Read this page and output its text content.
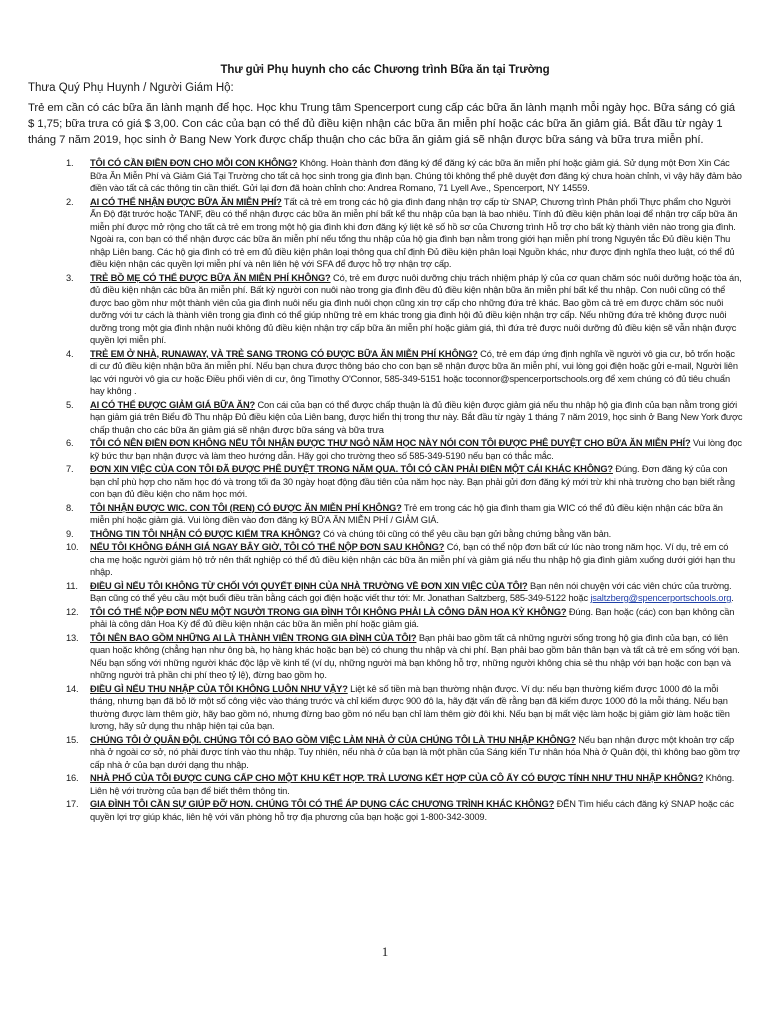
Thư gửi Phụ huynh cho các Chương trình Bữa ăn tại Trường
Thưa Quý Phụ Huynh / Người Giám Hộ:
Trẻ em cần có các bữa ăn lành mạnh để học. Học khu Trung tâm Spencerport cung cấp các bữa ăn lành mạnh mỗi ngày học. Bữa sáng có giá $ 1,75; bữa trưa có giá $ 3,00. Con các của bạn có thể đủ điều kiện nhận các bữa ăn miễn phí hoặc các bữa ăn giảm giá. Bắt đầu từ ngày 1 tháng 7 năm 2019, học sinh ở Bang New York được chấp thuận cho các bữa ăn giảm giá sẽ nhận được bữa sáng và bữa trưa miễn phí.
1. TÔI CÓ CẦN ĐIỀN ĐƠN CHO MỖI CON KHÔNG? Không. Hoàn thành đơn đăng ký để đăng ký các bữa ăn miễn phí hoặc giảm giá. Sử dụng một Đơn Xin Các Bữa Ăn Miễn Phí và Giảm Giá Tại Trường cho tất cả học sinh trong gia đình bạn. Chúng tôi không thể phê duyệt đơn đăng ký chưa hoàn chỉnh, vì vậy hãy đảm bảo điền vào tất cả các thông tin cần thiết. Gửi lại đơn đã hoàn chỉnh cho: Andrea Romano, 71 Lyell Ave., Spencerport, NY 14559.
2. AI CÓ THỂ NHẬN ĐƯỢC BỮA ĂN MIỄN PHÍ? Tất cả trẻ em trong các hộ gia đình đang nhận trợ cấp từ SNAP, Chương trình Phân phối Thực phẩm cho Người Ấn Độ đặt trước hoặc TANF, đều có thể nhận được các bữa ăn miễn phí bất kể thu nhập của bạn là bao nhiêu. Tính đủ điều kiện phân loại để nhận trợ cấp bữa ăn miễn phí được mở rộng cho tất cả trẻ em trong một hộ gia đình khi đơn đăng ký liệt kê số hồ sơ của Chương trình Hỗ trợ cho bất kỳ thành viên nào trong gia đình. Ngoài ra, con bạn có thể nhận được các bữa ăn miễn phí nếu tổng thu nhập của hộ gia đình bạn nằm trong giới hạn miễn phí trong Nguyên tắc Đủ điều kiện Thu nhập Liên bang. Các hộ gia đình có trẻ em đủ điều kiện phân loại thông qua chỉ định Đủ điều kiện phân loại Nguồn khác, như được định nghĩa theo luật, có thể đủ điều kiện nhận các quyền lợi miễn phí và nên liên hệ với SFA để được hỗ trợ nhận trợ cấp.
3. TRẺ BỒ MẸ CÓ THỂ ĐƯỢC BỮA ĂN MIỄN PHÍ KHÔNG? Có, trẻ em được nuôi dưỡng chịu trách nhiệm pháp lý của cơ quan chăm sóc nuôi dưỡng hoặc tòa án, đủ điều kiện nhận các bữa ăn miễn phí. Bất kỳ người con nuôi nào trong gia đình đều đủ điều kiện nhận bữa ăn miễn phí bất kể thu nhập. Con nuôi cũng có thể được bao gồm như một thành viên của gia đình nuôi nếu gia đình nuôi chọn cũng xin trợ cấp cho những đứa trẻ khác. Bao gồm cả trẻ em được chăm sóc nuôi dưỡng với tư cách là thành viên trong gia đình có thể giúp những trẻ em khác trong gia đình hội đủ điều kiện nhận trợ cấp. Nếu những đứa trẻ không được nuôi dưỡng trong một gia đình nhận nuôi không đủ điều kiện nhận trợ cấp bữa ăn miễn phí hoặc giảm giá, thì đứa trẻ được nuôi dưỡng đủ điều kiện sẽ vẫn nhận được quyền lợi miễn phí.
4. TRẺ EM Ở NHÀ, RUNAWAY, VÀ TRẺ SANG TRONG CÓ ĐƯỢC BỮA ĂN MIỄN PHÍ KHÔNG? Có, trẻ em đáp ứng định nghĩa về người vô gia cư, bỏ trốn hoặc di cư đủ điều kiện nhận bữa ăn miễn phí. Nếu bạn chưa được thông báo cho con bạn sẽ nhận được bữa ăn miễn phí, vui lòng gọi điện hoặc gửi e-mail, Người liên lạc với người vô gia cư hoặc Điều phối viên di cư, ông Timothy O'Connor, 585-349-5151 hoặc toconnor@spencerportschools.org để xem chúng có đủ tiêu chuẩn hay không .
5. AI CÓ THỂ ĐƯỢC GIẢM GIÁ BỮA ĂN? Con cái của bạn có thể được chấp thuận là đủ điều kiện được giảm giá nếu thu nhập hộ gia đình của bạn nằm trong giới hạn giảm giá trên Biểu đồ Thu nhập Đủ điều kiện của Liên bang, được hiển thị trong thư này. Bắt đầu từ ngày 1 tháng 7 năm 2019, học sinh ở Bang New York được chấp thuận cho các bữa ăn giảm giá sẽ nhận được bữa sáng và bữa trưa
6. TÔI CÓ NÊN ĐIỀN ĐƠN KHÔNG NẾU TÔI NHẬN ĐƯỢC THƯ NGỎ NĂM HỌC NÀY NÓI CON TÔI ĐƯỢC PHÊ DUYỆT CHO BỮA ĂN MIỄN PHÍ? Vui lòng đọc kỹ bức thư bạn nhận được và làm theo hướng dẫn. Hãy gọi cho trường theo số 585-349-5190 nếu bạn có thắc mắc.
7. ĐƠN XIN VIỆC CỦA CON TÔI ĐÃ ĐƯỢC PHÊ DUYỆT TRONG NĂM QUA. TÔI CÓ CẦN PHẢI ĐIỀN MỘT CÁI KHÁC KHÔNG? Đúng. Đơn đăng ký của con bạn chỉ phù hợp cho năm học đó và trong tối đa 30 ngày hoạt động đầu tiên của năm học này. Bạn phải gửi đơn đăng ký mới trừ khi nhà trường cho bạn biết rằng con bạn đủ điều kiện cho năm học mới.
8. TÔI NHẬN ĐƯỢC WIC. CON TÔI (REN) CÓ ĐƯỢC ĂN MIỄN PHÍ KHÔNG? Trẻ em trong các hộ gia đình tham gia WIC có thể đủ điều kiện nhận các bữa ăn miễn phí hoặc giảm giá. Vui lòng điền vào đơn đăng ký BỮA ĂN MIỄN PHÍ / GIẢM GIÁ.
9. THÔNG TIN TÔI NHẬN CÓ ĐƯỢC KIỂM TRA KHÔNG? Có và chúng tôi cũng có thể yêu cầu bạn gửi bằng chứng bằng văn bản.
10. NẾU TÔI KHÔNG ĐÁNH GIÁ NGAY BÂY GIỜ, TÔI CÓ THỂ NỘP ĐƠN SAU KHÔNG? Có, bạn có thể nộp đơn bất cứ lúc nào trong năm học. Ví dụ, trẻ em có cha mẹ hoặc người giám hộ trở nên thất nghiệp có thể đủ điều kiện nhận các bữa ăn miễn phí và giảm giá nếu thu nhập hộ gia đình giảm xuống dưới giới hạn thu nhập.
11. ĐIỀU GÌ NẾU TÔI KHÔNG TỪ CHỐI VỚI QUYẾT ĐỊNH CỦA NHÀ TRƯỜNG VỀ ĐƠN XIN VIỆC CỦA TÔI? Bạn nên nói chuyện với các viên chức của trường. Bạn cũng có thể yêu cầu một buổi điều trần bằng cách gọi điện hoặc viết thư tới: Mr. Jonathan Saltzberg, 585-349-5122 hoặc jsaltzberg@spencerportschools.org.
12. TÔI CÓ THỂ NỘP ĐƠN NẾU MỘT NGƯỜI TRONG GIA ĐÌNH TÔI KHÔNG PHẢI LÀ CÔNG DÂN HOA KỲ KHÔNG? Đúng. Bạn hoặc (các) con bạn không cần phải là công dân Hoa Kỳ để đủ điều kiện nhận các bữa ăn miễn phí hoặc giảm giá.
13. TÔI NÊN BAO GỒM NHỮNG AI LÀ THÀNH VIÊN TRONG GIA ĐÌNH CỦA TÔI? Bạn phải bao gồm tất cả những người sống trong hộ gia đình của bạn, có liên quan hoặc không (chẳng hạn như ông bà, họ hàng khác hoặc bạn bè) có chung thu nhập và chi phí. Bạn phải bao gồm bản thân bạn và tất cả trẻ em sống với bạn. Nếu bạn sống với những người khác độc lập về kinh tế (ví dụ, những người mà bạn không hỗ trợ, những người không chia sẻ thu nhập với bạn hoặc con bạn và những người trả phần chi phí theo tỷ lệ), đừng bao gồm họ.
14. ĐIỀU GÌ NẾU THU NHẬP CỦA TÔI KHÔNG LUÔN NHƯ VẬY? Liệt kê số tiền mà bạn thường nhận được. Ví dụ: nếu bạn thường kiếm được 1000 đô la mỗi tháng, nhưng bạn đã bỏ lỡ một số công việc vào tháng trước và chỉ kiếm được 900 đô la, hãy đặt vấn đề rằng bạn đã kiếm được 1000 đô la mỗi tháng. Nếu bạn thường được làm thêm giờ, hãy bao gồm nó, nhưng đừng bao gồm nó nếu bạn chỉ làm thêm giờ đôi khi. Nếu bạn bị mất việc làm hoặc bị giảm giờ làm hoặc tiền lương, hãy sử dụng thu nhập hiện tại của bạn.
15. CHÚNG TÔI Ở QUÂN ĐỘI. CHÚNG TÔI CÓ BAO GỒM VIỆC LÀM NHÀ Ở CỦA CHÚNG TÔI LÀ THU NHẬP KHÔNG? Nếu bạn nhận được một khoản trợ cấp nhà ở ngoài cơ sở, nó phải được tính vào thu nhập. Tuy nhiên, nếu nhà ở của bạn là một phần của Sáng kiến Tư nhân hóa Nhà ở Quân đội, thì không bao gồm trợ cấp nhà ở của bạn dưới dạng thu nhập.
16. NHÀ PHỐ CỦA TÔI ĐƯỢC CUNG CẤP CHO MỘT KHU KẾT HỢP. TRẢ LƯƠNG KẾT HỢP CỦA CÔ ẤY CÓ ĐƯỢC TÍNH NHƯ THU NHẬP KHÔNG? Không. Liên hệ với trường của bạn để biết thêm thông tin.
17. GIA ĐÌNH TÔI CẦN SỰ GIÚP ĐỠ HƠN. CHÚNG TÔI CÓ THỂ ÁP DỤNG CÁC CHƯƠNG TRÌNH KHÁC KHÔNG? ĐẾN Tìm hiểu cách đăng ký SNAP hoặc các quyền lợi trợ giúp khác, liên hệ với văn phòng hỗ trợ địa phương của bạn hoặc gọi 1-800-342-3009.
1
